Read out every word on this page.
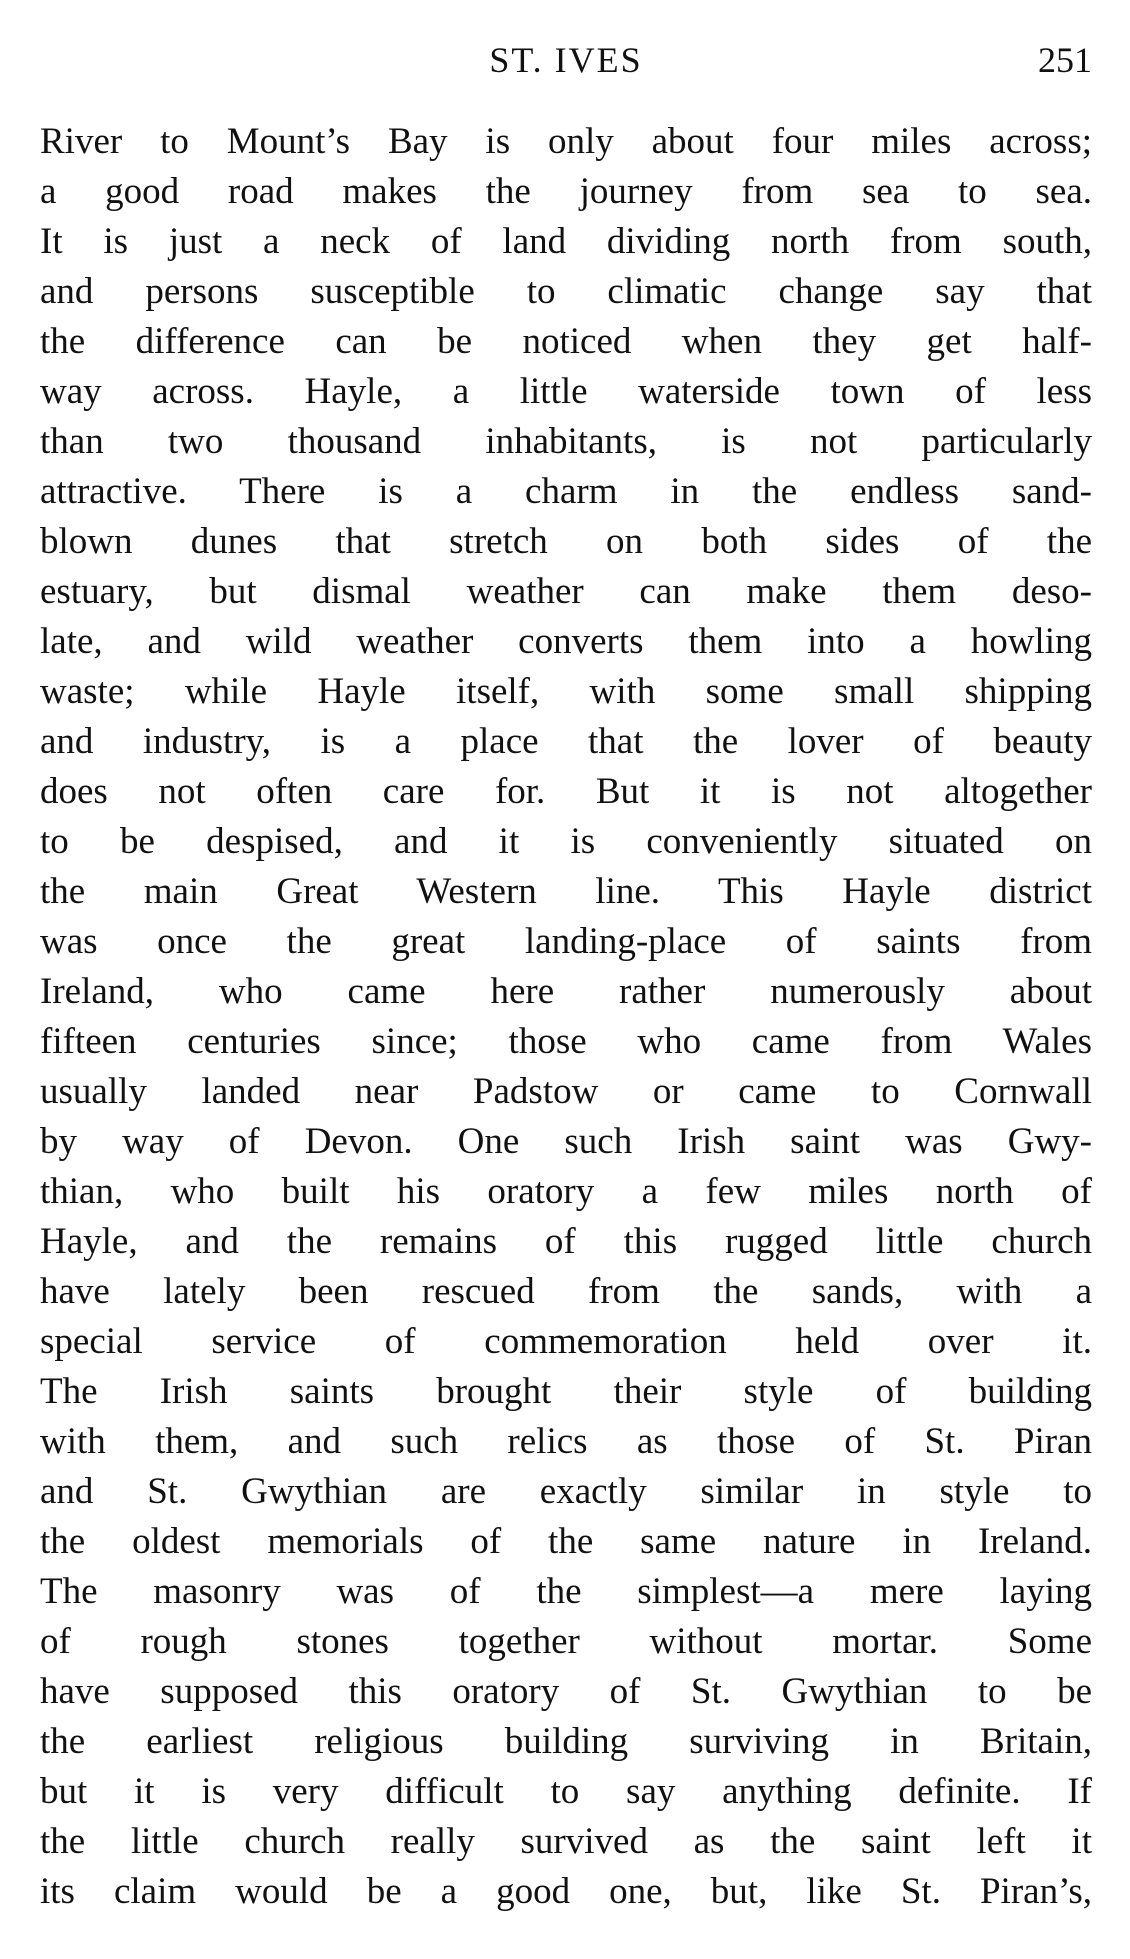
ST. IVES	251
River to Mount’s Bay is only about four miles across;
a good road makes the journey from sea to sea.
It is just a neck of land dividing north from south,
and persons susceptible to climatic change say that
the difference can be noticed when they get half-
way across. Hayle, a little waterside town of less
than two thousand inhabitants, is not particularly
attractive. There is a charm in the endless sand-
blown dunes that stretch on both sides of the
estuary, but dismal weather can make them deso-
late, and wild weather converts them into a howling
waste; while Hayle itself, with some small shipping
and industry, is a place that the lover of beauty
does not often care for. But it is not altogether
to be despised, and it is conveniently situated on
the main Great Western line. This Hayle district
was once the great landing-place of saints from
Ireland, who came here rather numerously about
fifteen centuries since; those who came from Wales
usually landed near Padstow or came to Cornwall
by way of Devon. One such Irish saint was Gwy-
thian, who built his oratory a few miles north of
Hayle, and the remains of this rugged little church
have lately been rescued from the sands, with a
special service of commemoration held over it.
The Irish saints brought their style of building
with them, and such relics as those of St. Piran
and St. Gwythian are exactly similar in style to
the oldest memorials of the same nature in Ireland.
The masonry was of the simplest—a mere laying
of rough stones together without mortar. Some
have supposed this oratory of St. Gwythian to be
the earliest religious building surviving in Britain,
but it is very difficult to say anything definite. If
the little church really survived as the saint left it
its claim would be a good one, but, like St. Piran’s,
